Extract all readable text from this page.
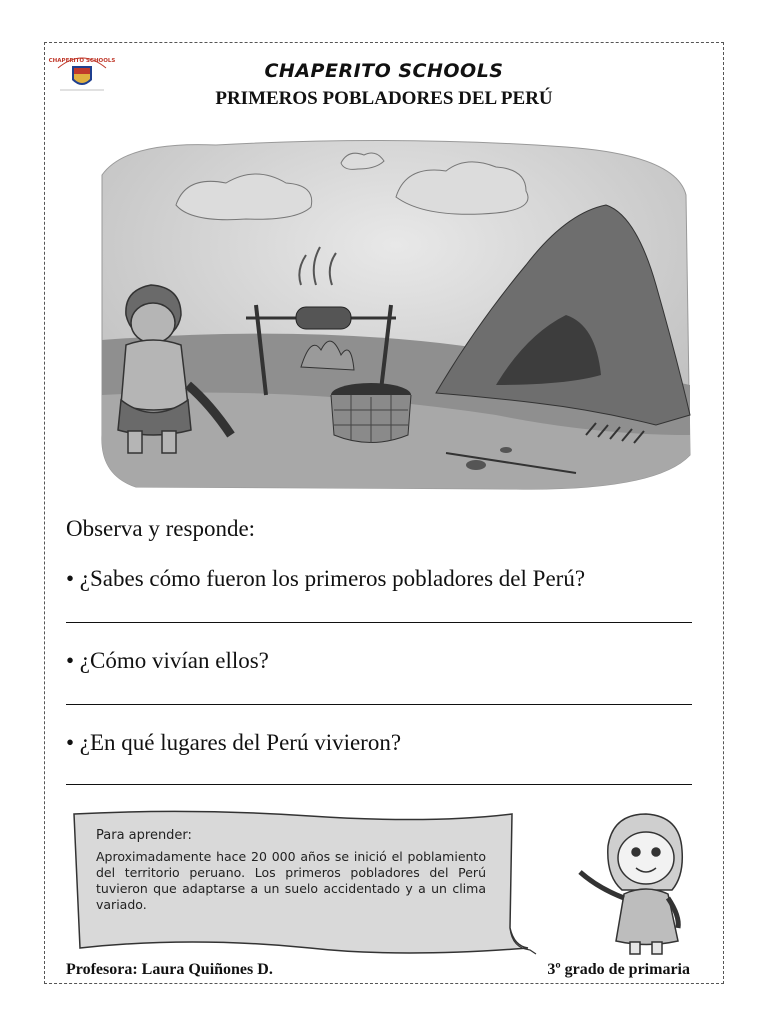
CHAPERITO SCHOOLS	CHAPERITO SCHOOLS
PRIMEROS POBLADORES DEL PERÚ
Observa y responde:
• ¿Sabes cómo fueron los primeros pobladores del Perú?
• ¿Cómo vivían ellos?
• ¿En qué lugares del Perú vivieron?
Para aprender:
Aproximadamente hace 20 000 años se inició el poblamiento del territorio peruano. Los primeros pobladores del Perú tuvieron que adaptarse a un suelo accidentado y a un clima variado.
Profesora: Laura Quiñones D.	3º grado de primaria
